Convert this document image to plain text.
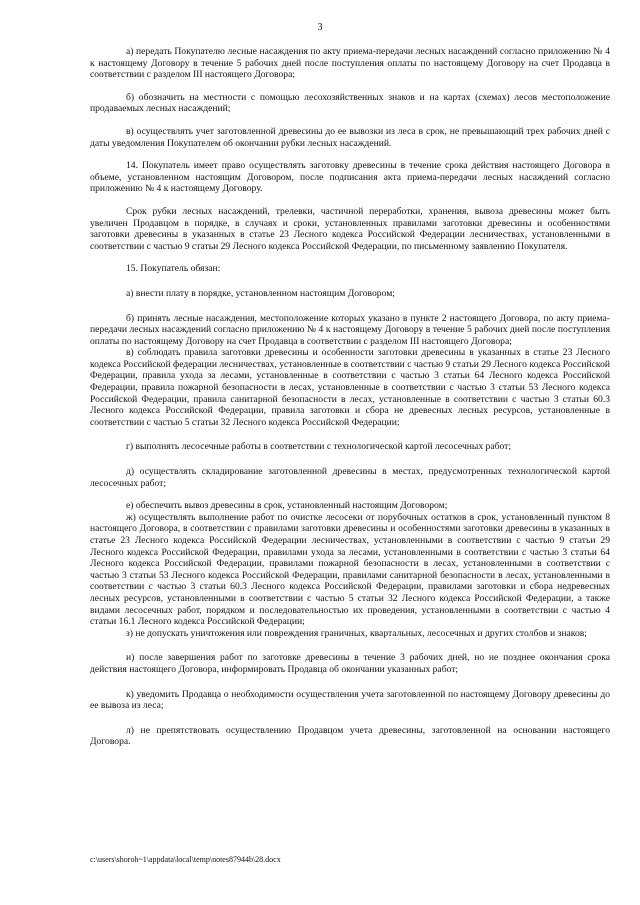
3

а) передать Покупателю лесные насаждения по акту приема-передачи лесных насаждений согласно приложению № 4 к настоящему Договору в течение 5 рабочих дней после поступления оплаты по настоящему Договору на счет Продавца в соответствии с разделом III настоящего Договора;

б) обозначить на местности с помощью лесохозяйственных знаков и на картах (схемах) лесов местоположение продаваемых лесных насаждений;

в) осуществлять учет заготовленной древесины до ее вывозки из леса в срок, не превышающий трех рабочих дней с даты уведомления Покупателем об окончании рубки лесных насаждений.

14. Покупатель имеет право осуществлять заготовку древесины в течение срока действия настоящего Договора в объеме, установленном настоящим Договором, после подписания акта приема-передачи лесных насаждений согласно приложению № 4 к настоящему Договору.

Срок рубки лесных насаждений, трелевки, частичной переработки, хранения, вывоза древесины может быть увеличен Продавцом в порядке, в случаях и сроки, установленных правилами заготовки древесины и особенностями заготовки древесины в указанных в статье 23 Лесного кодекса Российской Федерации лесничествах, установленными в соответствии с частью 9 статьи 29 Лесного кодекса Российской Федерации, по письменному заявлению Покупателя.

15. Покупатель обязан:

а) внести плату в порядке, установленном настоящим Договором;

б) принять лесные насаждения, местоположение которых указано в пункте 2 настоящего Договора, по акту приема-передачи лесных насаждений согласно приложению № 4 к настоящему Договору в течение 5 рабочих дней после поступления оплаты по настоящему Договору на счет Продавца в соответствии с разделом III настоящего Договора;

в) соблюдать правила заготовки древесины и особенности заготовки древесины в указанных в статье 23 Лесного кодекса Российской федерации лесничествах, установленные в соответствии с частью 9 статьи 29 Лесного кодекса Российской Федерации, правила ухода за лесами, установленные в соответствии с частью 3 статьи 64 Лесного кодекса Российской Федерации, правила пожарной безопасности в лесах, установленные в соответствии с частью 3 статьи 53 Лесного кодекса Российской Федерации, правила санитарной безопасности в лесах, установленные в соответствии с частью 3 статьи 60.3 Лесного кодекса Российской Федерации, правила заготовки и сбора не древесных лесных ресурсов, установленные в соответствии с частью 5 статьи 32 Лесного кодекса Российской Федерации;

г) выполнять лесосечные работы в соответствии с технологической картой лесосечных работ;

д) осуществлять складирование заготовленной древесины в местах, предусмотренных технологической картой лесосечных работ;

е) обеспечить вывоз древесины в срок, установленный настоящим Договором;

ж) осуществлять выполнение работ по очистке лесосеки от порубочных остатков в срок, установленный пунктом 8 настоящего Договора, в соответствии с правилами заготовки древесины и особенностями заготовки древесины в указанных в статье 23 Лесного кодекса Российской Федерации лесничествах, установленными в соответствии с частью 9 статьи 29 Лесного кодекса Российской Федерации, правилами ухода за лесами, установленными в соответствии с частью 3 статьи 64 Лесного кодекса Российской Федерации, правилами пожарной безопасности в лесах, установленными в соответствии с частью 3 статьи 53 Лесного кодекса Российской Федерации, правилами санитарной безопасности в лесах, установленными в соответствии с частью 3 статьи 60.3 Лесного кодекса Российской Федерации, правилами заготовки и сбора недревесных лесных ресурсов, установленными в соответствии с частью 5 статьи 32 Лесного кодекса Российской Федерации, а также видами лесосечных работ, порядком и последовательностью их проведения, установленными в соответствии с частью 4 статьи 16.1 Лесного кодекса Российской Федерации;

з) не допускать уничтожения или повреждения граничных, квартальных, лесосечных и других столбов и знаков;

и) после завершения работ по заготовке древесины в течение 3 рабочих дней, но не позднее окончания срока действия настоящего Договора, информировать Продавца об окончании указанных работ;

к) уведомить Продавца о необходимости осуществления учета заготовленной по настоящему Договору древесины до ее вывоза из леса;

л) не препятствовать осуществлению Продавцом учета древесины, заготовленной на основании настоящего Договора.

c:\users\shoroh~1\appdata\local\temp\notes87944b\28.docx
